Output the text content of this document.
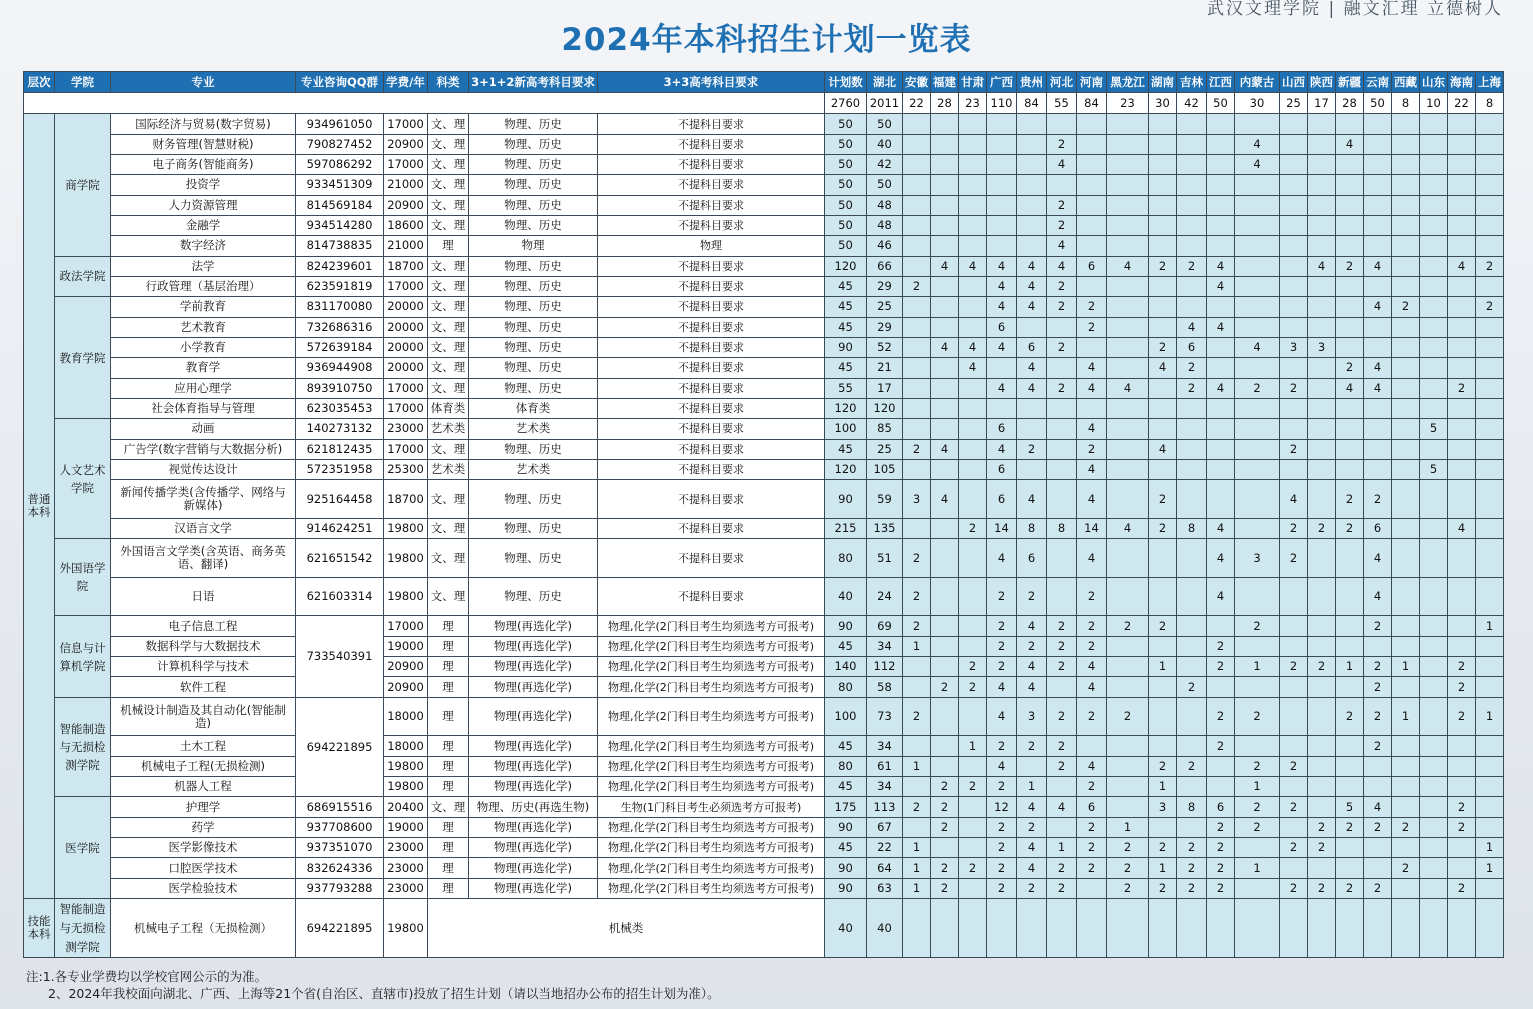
武汉文理学院 | 融文汇理 立德树人
2024年本科招生计划一览表
层次	学院	专业	专业咨询QQ群	学费/年	科类	3+1+2新高考科目要求	3+3高考科目要求	计划数	湖北	安徽	福建	甘肃	广西	贵州	河北	河南	黑龙江	湖南	吉林	江西	内蒙古	山西	陕西	新疆	云南	西藏	山东	海南	上海
								2760	2011	22	28	23	110	84	55	84	23	30	42	50	30	25	17	28	50	8	10	22	8
普通本科	商学院	国际经济与贸易(数字贸易)	934961050	17000	文、理	物理、历史	不提科目要求	50	50																				
		财务管理(智慧财税)	790827452	20900	文、理	物理、历史	不提科目要求	50	40						2						4			4					
		电子商务(智能商务)	597086292	17000	文、理	物理、历史	不提科目要求	50	42						4						4								
		投资学	933451309	21000	文、理	物理、历史	不提科目要求	50	50																				
		人力资源管理	814569184	20900	文、理	物理、历史	不提科目要求	50	48						2														
		金融学	934514280	18600	文、理	物理、历史	不提科目要求	50	48						2														
		数字经济	814738835	21000	理	物理	物理	50	46						4														
	政法学院	法学	824239601	18700	文、理	物理、历史	不提科目要求	120	66		4	4	4	4	4	6	4	2	2	4			4	2	4			4	2
		行政管理（基层治理）	623591819	17000	文、理	物理、历史	不提科目要求	45	29	2			4	4	2					4									
	教育学院	学前教育	831170080	20000	文、理	物理、历史	不提科目要求	45	25				4	4	2	2									4	2			2
		艺术教育	732686316	20000	文、理	物理、历史	不提科目要求	45	29				6			2			4	4									
		小学教育	572639184	20000	文、理	物理、历史	不提科目要求	90	52		4	4	4	6	2			2	6		4	3	3						
		教育学	936944908	20000	文、理	物理、历史	不提科目要求	45	21			4		4		4		4	2					2	4				
		应用心理学	893910750	17000	文、理	物理、历史	不提科目要求	55	17				4	4	2	4	4		2	4	2	2		4	4			2	
		社会体育指导与管理	623035453	17000	体育类	体育类	不提科目要求	120	120																				
	人文艺术学院	动画	140273132	23000	艺术类	艺术类	不提科目要求	100	85				6			4											5		
		广告学(数字营销与大数据分析)	621812435	17000	文、理	物理、历史	不提科目要求	45	25	2	4		4	2		2		4				2							
		视觉传达设计	572351958	25300	艺术类	艺术类	不提科目要求	120	105				6			4											5		
		新闻传播学类(含传播学、网络与新媒体)	925164458	18700	文、理	物理、历史	不提科目要求	90	59	3	4		6	4		4		2				4		2	2				
		汉语言文学	914624251	19800	文、理	物理、历史	不提科目要求	215	135			2	14	8	8	14	4	2	8	4		2	2	2	6			4	
	外国语学院	外国语言文学类(含英语、商务英语、翻译)	621651542	19800	文、理	物理、历史	不提科目要求	80	51	2			4	6		4				4	3	2			4				
		日语	621603314	19800	文、理	物理、历史	不提科目要求	40	24	2			2	2		2				4					4				
	信息与计算机学院	电子信息工程	733540391	17000	理	物理(再选化学)	物理,化学(2门科目考生均须选考方可报考)	90	69	2			2	4	2	2	2	2			2				2				1
		数据科学与大数据技术		19000	理	物理(再选化学)	物理,化学(2门科目考生均须选考方可报考)	45	34	1			2	2	2	2				2									
		计算机科学与技术		20900	理	物理(再选化学)	物理,化学(2门科目考生均须选考方可报考)	140	112			2	2	4	2	4		1		2	1	2	2	1	2	1		2	
		软件工程		20900	理	物理(再选化学)	物理,化学(2门科目考生均须选考方可报考)	80	58		2	2	4	4		4			2						2			2	
	智能制造与无损检测学院	机械设计制造及其自动化(智能制造)	694221895	18000	理	物理(再选化学)	物理,化学(2门科目考生均须选考方可报考)	100	73	2			4	3	2	2	2			2	2			2	2	1		2	1
		土木工程		18000	理	物理(再选化学)	物理,化学(2门科目考生均须选考方可报考)	45	34			1	2	2	2					2					2				
		机械电子工程(无损检测)		19800	理	物理(再选化学)	物理,化学(2门科目考生均须选考方可报考)	80	61	1			4		2	4		2	2		2	2							
		机器人工程		19800	理	物理(再选化学)	物理,化学(2门科目考生均须选考方可报考)	45	34		2	2	2	1		2		1			1								
	医学院	护理学	686915516	20400	文、理	物理、历史(再选生物)	生物(1门科目考生必须选考方可报考)	175	113	2	2		12	4	4	6		3	8	6	2	2		5	4			2	
		药学	937708600	19000	理	物理(再选化学)	物理,化学(2门科目考生均须选考方可报考)	90	67		2		2	2		2	1			2	2		2	2	2	2		2	
		医学影像技术	937351070	23000	理	物理(再选化学)	物理,化学(2门科目考生均须选考方可报考)	45	22	1			2	4	1	2	2	2	2	2		2	2						1
		口腔医学技术	832624336	23000	理	物理(再选化学)	物理,化学(2门科目考生均须选考方可报考)	90	64	1	2	2	2	4	2	2	2	1	2	2	1					2			1
		医学检验技术	937793288	23000	理	物理(再选化学)	物理,化学(2门科目考生均须选考方可报考)	90	63	1	2		2	2	2		2	2	2	2		2	2	2	2			2	
技能本科	智能制造与无损检测学院	机械电子工程（无损检测）	694221895	19800	机械类			40	40																				
注:1.各专业学费均以学校官网公示的为准。
2、2024年我校面向湖北、广西、上海等21个省(自治区、直辖市)投放了招生计划（请以当地招办公布的招生计划为准）。
